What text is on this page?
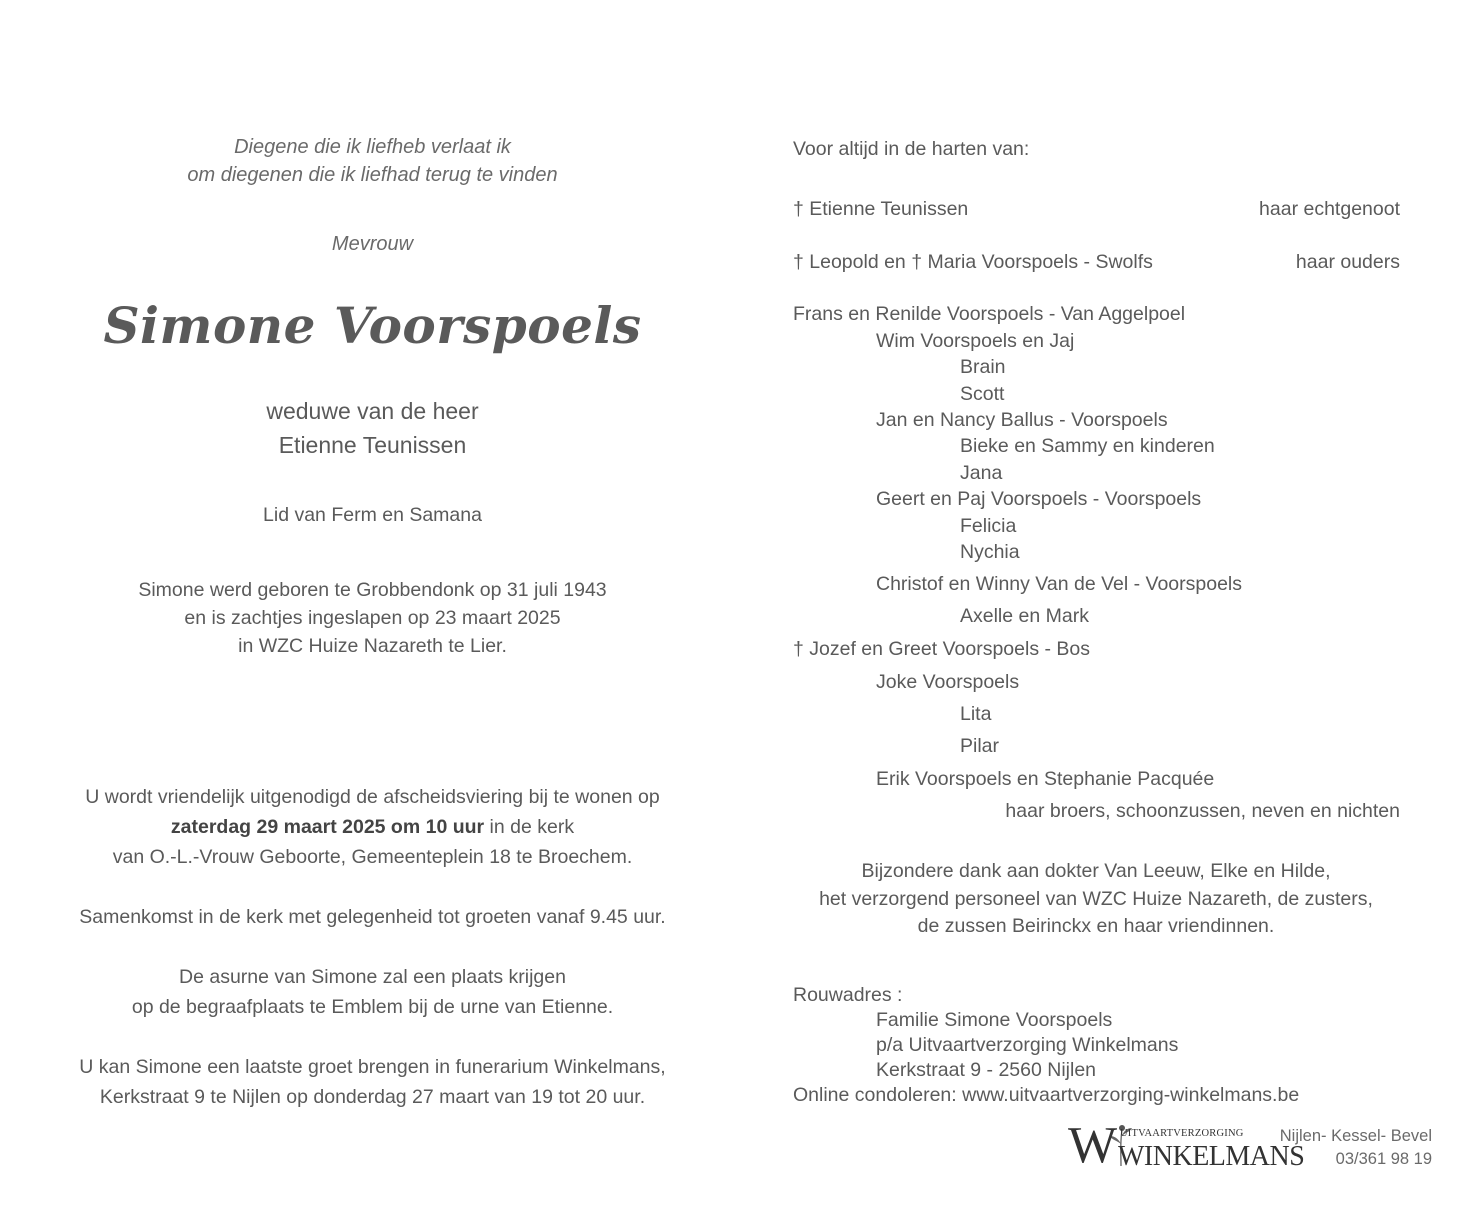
Diegene die ik liefheb verlaat ik
om diegenen die ik liefhad terug te vinden
Mevrouw
Simone Voorspoels
weduwe van de heer
Etienne Teunissen
Lid van Ferm en Samana
Simone werd geboren te Grobbendonk op 31 juli 1943
en is zachtjes ingeslapen op 23 maart 2025
in WZC Huize Nazareth te Lier.
U wordt vriendelijk uitgenodigd de afscheidsviering bij te wonen op
zaterdag 29 maart 2025 om 10 uur in de kerk
van O.-L.-Vrouw Geboorte, Gemeenteplein 18 te Broechem.
Samenkomst in de kerk met gelegenheid tot groeten vanaf 9.45 uur.
De asurne van Simone zal een plaats krijgen
op de begraafplaats te Emblem bij de urne van Etienne.
U kan Simone een laatste groet brengen in funerarium Winkelmans,
Kerkstraat 9 te Nijlen op donderdag 27 maart van 19 tot 20 uur.
Voor altijd in de harten van:
† Etienne Teunissen	haar echtgenoot
† Leopold en † Maria Voorspoels - Swolfs	haar ouders
Frans en Renilde Voorspoels - Van Aggelpoel
Wim Voorspoels en Jaj
Brain
Scott
Jan en Nancy Ballus - Voorspoels
Bieke en Sammy en kinderen
Jana
Geert en Paj Voorspoels - Voorspoels
Felicia
Nychia
Christof en Winny Van de Vel - Voorspoels
Axelle en Mark
† Jozef en Greet Voorspoels - Bos
Joke Voorspoels
Lita
Pilar
Erik Voorspoels en Stephanie Pacquée
haar broers, schoonzussen, neven en nichten
Bijzondere dank aan dokter Van Leeuw, Elke en Hilde,
het verzorgend personeel van WZC Huize Nazareth, de zusters,
de zussen Beirinckx en haar vriendinnen.
Rouwadres :
Familie Simone Voorspoels
p/a Uitvaartverzorging Winkelmans
Kerkstraat 9 - 2560 Nijlen
Online condoleren: www.uitvaartverzorging-winkelmans.be
UITVAARTVERZORGING
W WINKELMANS
Nijlen- Kessel- Bevel
03/361 98 19
